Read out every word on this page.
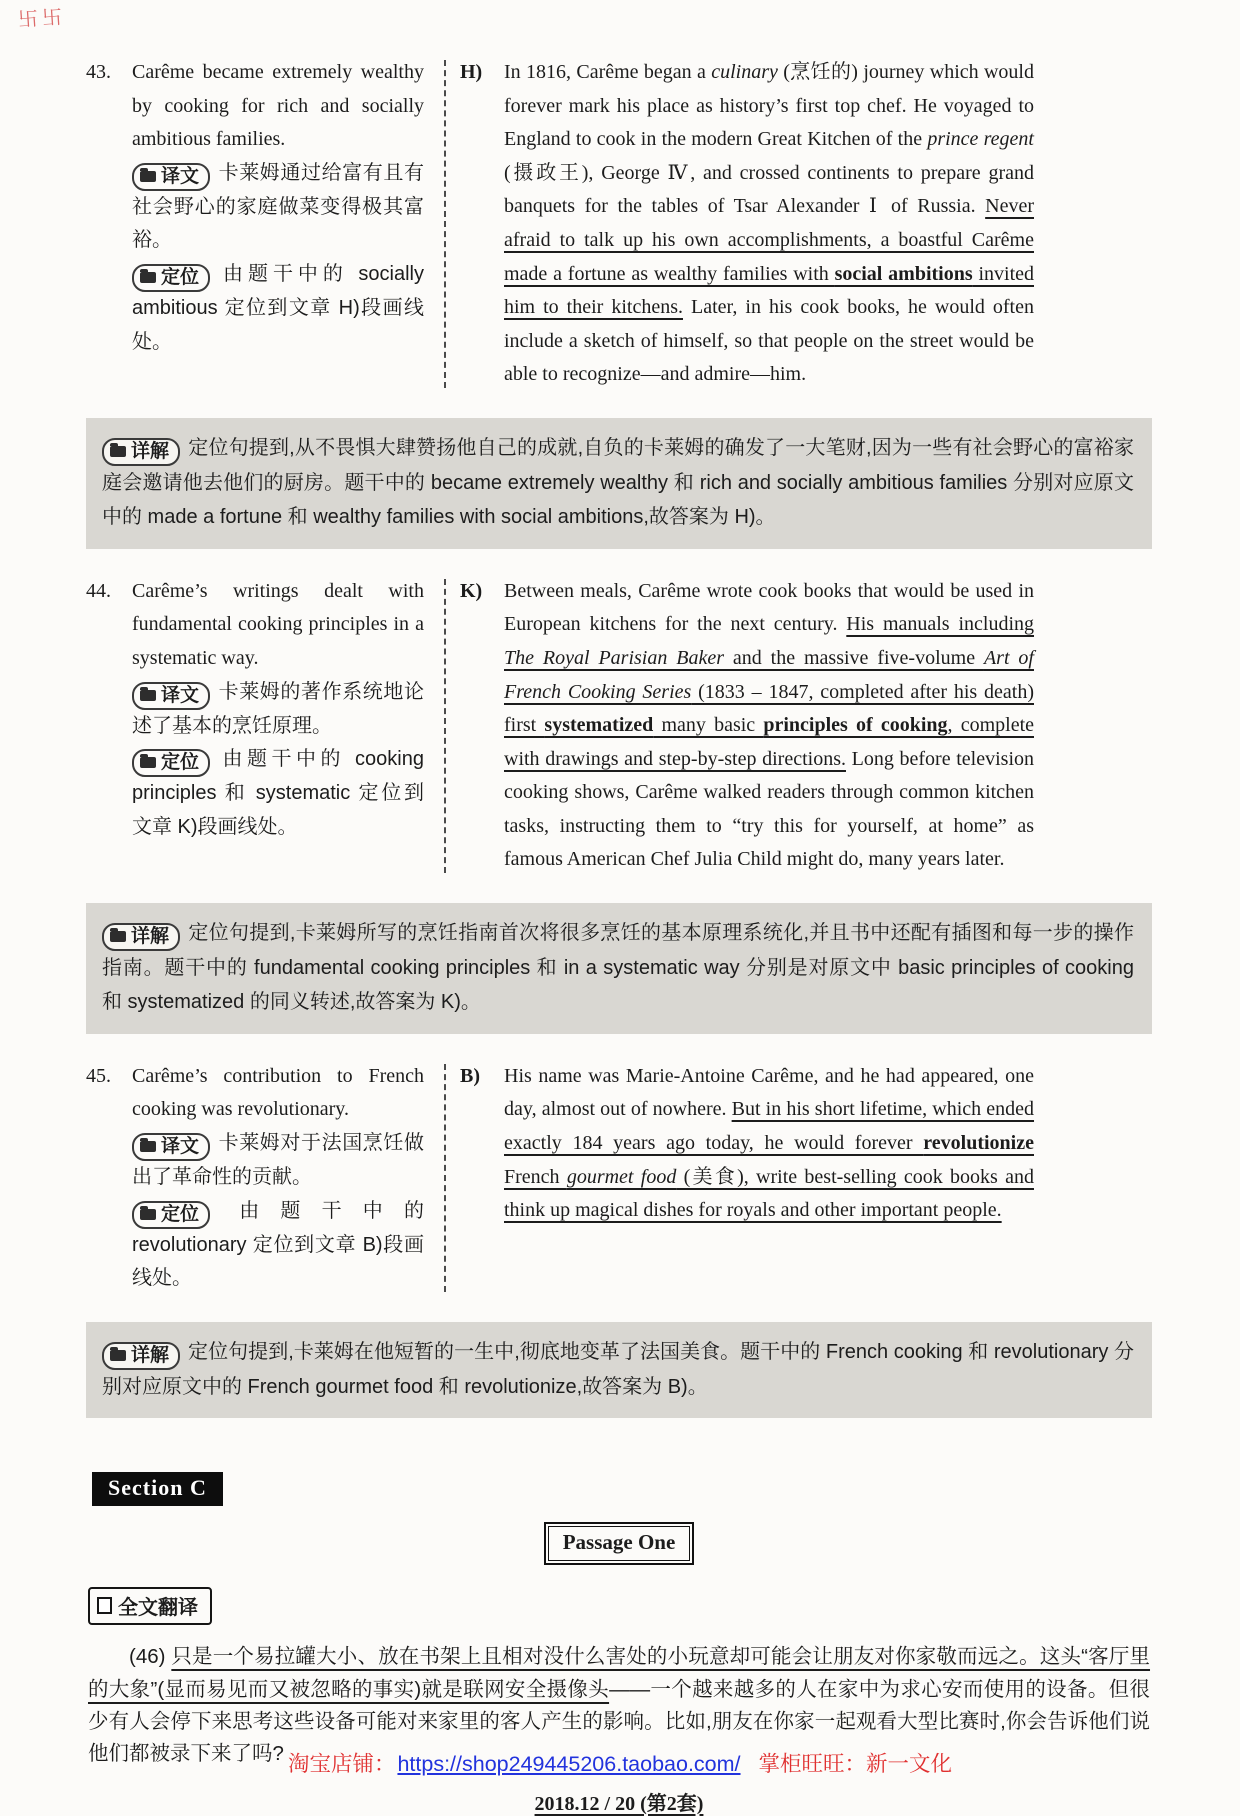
卐卐
43.	Carême became extremely wealthy by cooking for rich and socially ambitious families.

译文 卡莱姆通过给富有且有社会野心的家庭做菜变得极其富裕。

定位 由题干中的 socially ambitious 定位到文章 H)段画线处。

H)	In 1816, Carême began a culinary (烹饪的) journey which would forever mark his place as history’s first top chef. He voyaged to England to cook in the modern Great Kitchen of the prince regent (摄政王), George Ⅳ, and crossed continents to prepare grand banquets for the tables of Tsar Alexander Ⅰ of Russia. Never afraid to talk up his own accomplishments, a boastful Carême made a fortune as wealthy families with social ambitions invited him to their kitchens. Later, in his cook books, he would often include a sketch of himself, so that people on the street would be able to recognize—and admire—him.
详解 定位句提到,从不畏惧大肆赞扬他自己的成就,自负的卡莱姆的确发了一大笔财,因为一些有社会野心的富裕家庭会邀请他去他们的厨房。题干中的 became extremely wealthy 和 rich and socially ambitious families 分别对应原文中的 made a fortune 和 wealthy families with social ambitions,故答案为 H)。
44.	Carême’s writings dealt with fundamental cooking principles in a systematic way.

译文 卡莱姆的著作系统地论述了基本的烹饪原理。

定位 由题干中的 cooking principles 和 systematic 定位到文章 K)段画线处。

K)	Between meals, Carême wrote cook books that would be used in European kitchens for the next century. His manuals including The Royal Parisian Baker and the massive five-volume Art of French Cooking Series (1833 – 1847, completed after his death) first systematized many basic principles of cooking, complete with drawings and step-by-step directions. Long before television cooking shows, Carême walked readers through common kitchen tasks, instructing them to “try this for yourself, at home” as famous American Chef Julia Child might do, many years later.
详解 定位句提到,卡莱姆所写的烹饪指南首次将很多烹饪的基本原理系统化,并且书中还配有插图和每一步的操作指南。题干中的 fundamental cooking principles 和 in a systematic way 分别是对原文中 basic principles of cooking 和 systematized 的同义转述,故答案为 K)。
45.	Carême’s contribution to French cooking was revolutionary.

译文 卡莱姆对于法国烹饪做出了革命性的贡献。

定位 由题干中的 revolutionary 定位到文章 B)段画线处。

B)	His name was Marie-Antoine Carême, and he had appeared, one day, almost out of nowhere. But in his short lifetime, which ended exactly 184 years ago today, he would forever revolutionize French gourmet food (美食), write best-selling cook books and think up magical dishes for royals and other important people.
详解 定位句提到,卡莱姆在他短暂的一生中,彻底地变革了法国美食。题干中的 French cooking 和 revolutionary 分别对应原文中的 French gourmet food 和 revolutionize,故答案为 B)。
Section C
Passage One
全文翻译

(46) 只是一个易拉罐大小、放在书架上且相对没什么害处的小玩意却可能会让朋友对你家敬而远之。这头“客厅里的大象”(显而易见而又被忽略的事实)就是联网安全摄像头——一个越来越多的人在家中为求心安而使用的设备。但很少有人会停下来思考这些设备可能对来家里的客人产生的影响。比如,朋友在你家一起观看大型比赛时,你会告诉他们说他们都被录下来了吗?

2018.12 / 20 (第2套)
淘宝店铺：https://shop249445206.taobao.com/ 掌柜旺旺：新一文化
